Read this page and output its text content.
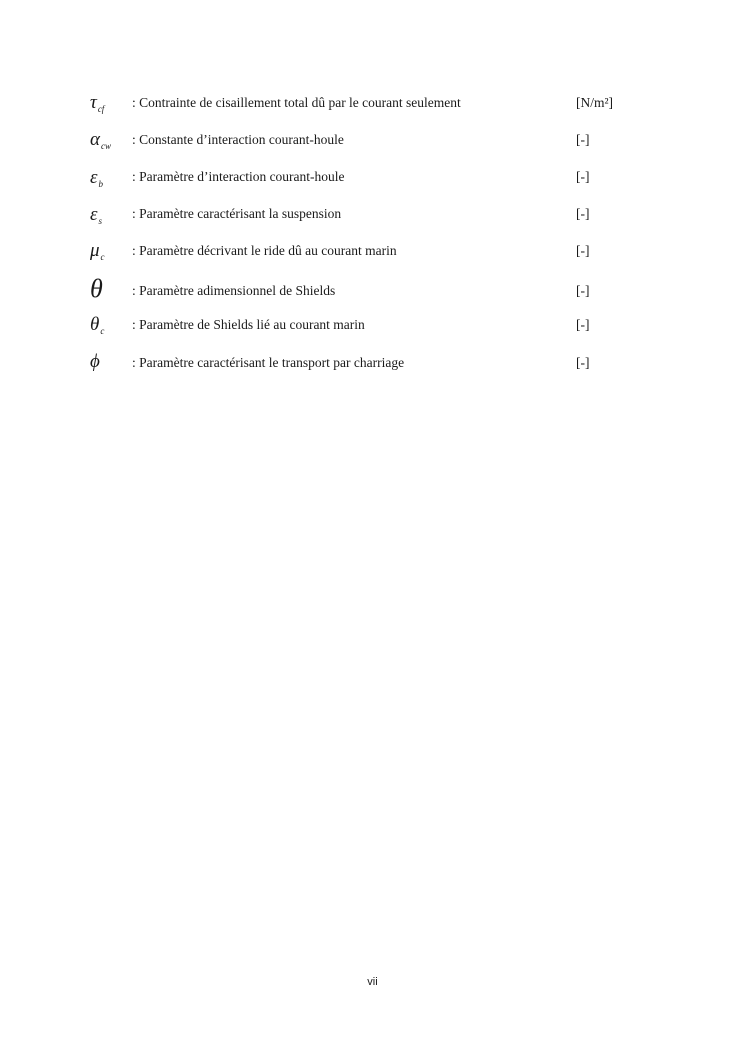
$\tau_{cf}$ : Contrainte de cisaillement total dû par le courant seulement	[N/m²]
$\alpha_{cw}$ : Constante d’interaction courant-houle	[-]
$\varepsilon_b$ : Paramètre d’interaction courant-houle	[-]
$\varepsilon_s$ : Paramètre caractérisant la suspension	[-]
$\mu_c$ : Paramètre décrivant le ride dû au courant marin	[-]
θ : Paramètre adimensionnel de Shields	[-]
$\theta_c$ : Paramètre de Shields lié au courant marin	[-]
ϕ : Paramètre caractérisant le transport par charriage	[-]
vii
